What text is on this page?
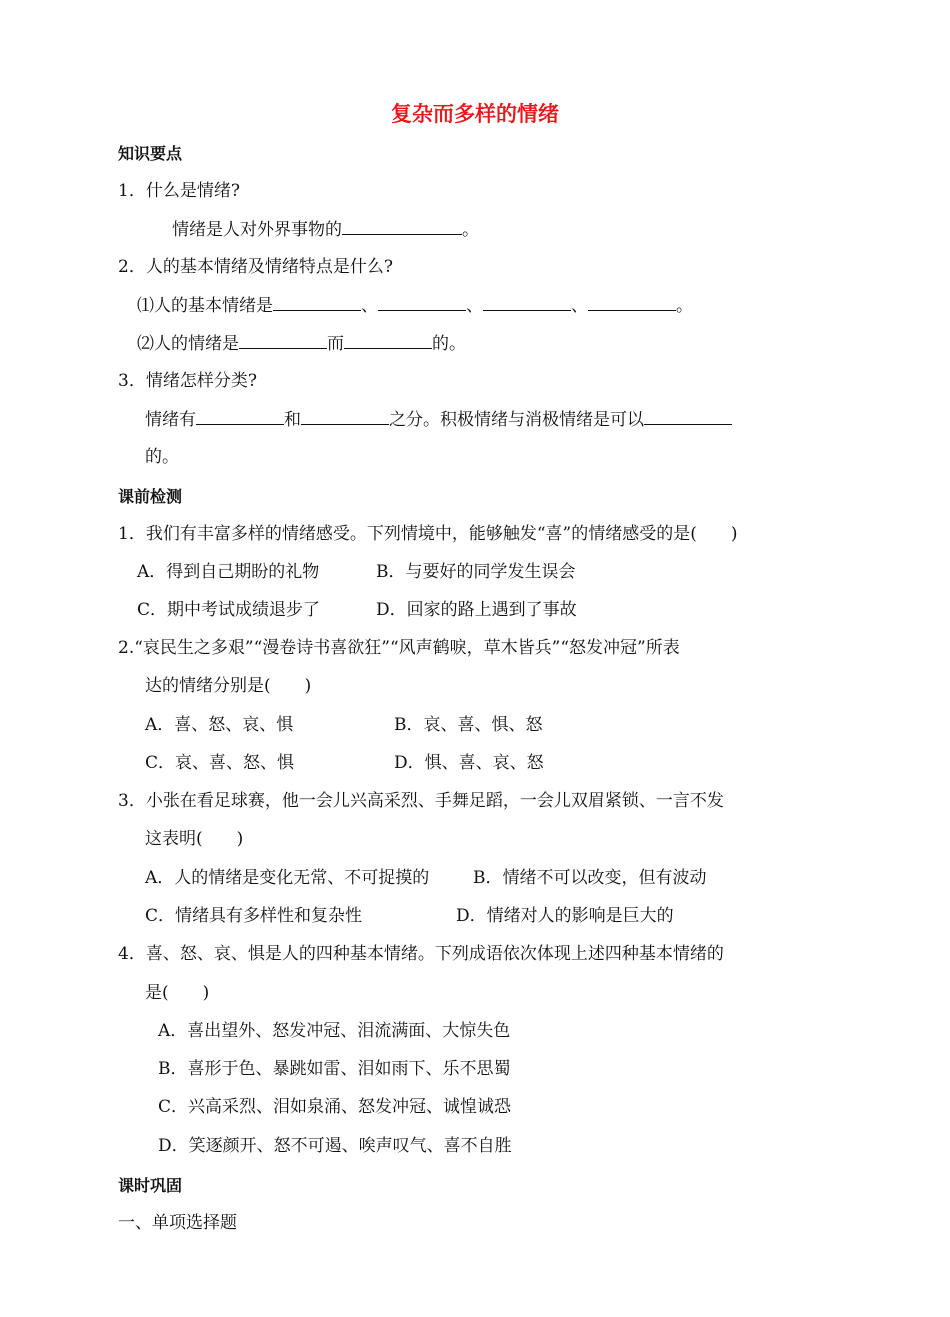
复杂而多样的情绪
知识要点
1．什么是情绪?
情绪是人对外界事物的	。
2．人的基本情绪及情绪特点是什么?
⑴人的基本情绪是	、	、	、	。
⑵人的情绪是	而	的。
3．情绪怎样分类?
情绪有	和	之分。积极情绪与消极情绪是可以
的。
课前检测
1．我们有丰富多样的情绪感受。下列情境中，能够触发“喜”的情绪感受的是(　　)
A．得到自己期盼的礼物	B．与要好的同学发生误会
C．期中考试成绩退步了	D．回家的路上遇到了事故
2.“哀民生之多艰”“漫卷诗书喜欲狂”“风声鹤唳，草木皆兵”“怒发冲冠”所表
达的情绪分别是(　　)
A．喜、怒、哀、惧	B．哀、喜、惧、怒
C．哀、喜、怒、惧	D．惧、喜、哀、怒
3．小张在看足球赛，他一会儿兴高采烈、手舞足蹈，一会儿双眉紧锁、一言不发
这表明(　　)
A．人的情绪是变化无常、不可捉摸的	B．情绪不可以改变，但有波动
C．情绪具有多样性和复杂性	D．情绪对人的影响是巨大的
4．喜、怒、哀、惧是人的四种基本情绪。下列成语依次体现上述四种基本情绪的
是(　　)
A．喜出望外、怒发冲冠、泪流满面、大惊失色
B．喜形于色、暴跳如雷、泪如雨下、乐不思蜀
C．兴高采烈、泪如泉涌、怒发冲冠、诚惶诚恐
D．笑逐颜开、怒不可遏、唉声叹气、喜不自胜
课时巩固
一、单项选择题
